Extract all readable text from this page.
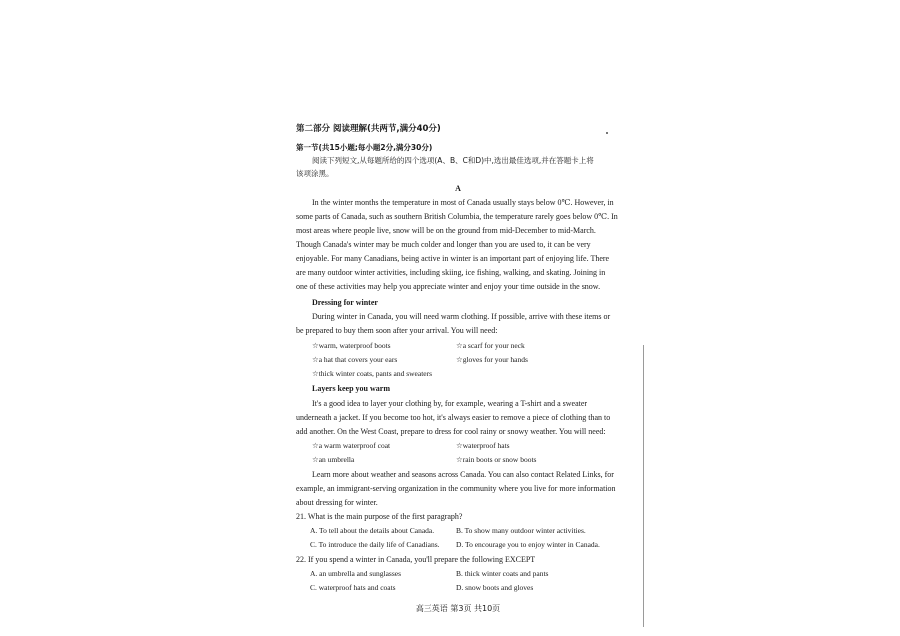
第二部分 阅读理解(共两节,满分40分)
第一节(共15小题;每小题2分,满分30分)
阅读下列短文,从每题所给的四个选项(A、B、C和D)中,选出最佳选项,并在答题卡上将
该项涂黑。
A
In the winter months the temperature in most of Canada usually stays below 0℃. However, in
some parts of Canada, such as southern British Columbia, the temperature rarely goes below 0℃. In
most areas where people live, snow will be on the ground from mid-December to mid-March.
Though Canada's winter may be much colder and longer than you are used to, it can be very
enjoyable. For many Canadians, being active in winter is an important part of enjoying life. There
are many outdoor winter activities, including skiing, ice fishing, walking, and skating. Joining in
one of these activities may help you appreciate winter and enjoy your time outside in the snow.
Dressing for winter
During winter in Canada, you will need warm clothing. If possible, arrive with these items or
be prepared to buy them soon after your arrival. You will need:
☆warm, waterproof boots	☆a scarf for your neck
☆a hat that covers your ears	☆gloves for your hands
☆thick winter coats, pants and sweaters
Layers keep you warm
It's a good idea to layer your clothing by, for example, wearing a T-shirt and a sweater
underneath a jacket. If you become too hot, it's always easier to remove a piece of clothing than to
add another. On the West Coast, prepare to dress for cool rainy or snowy weather. You will need:
☆a warm waterproof coat	☆waterproof hats
☆an umbrella	☆rain boots or snow boots
Learn more about weather and seasons across Canada. You can also contact Related Links, for
example, an immigrant-serving organization in the community where you live for more information
about dressing for winter.
21. What is the main purpose of the first paragraph?
A. To tell about the details about Canada.	B. To show many outdoor winter activities.
C. To introduce the daily life of Canadians. D. To encourage you to enjoy winter in Canada.
22. If you spend a winter in Canada, you'll prepare the following EXCEPT
A. an umbrella and sunglasses	B. thick winter coats and pants
C. waterproof hats and coats	D. snow boots and gloves
高三英语 第3页 共10页
